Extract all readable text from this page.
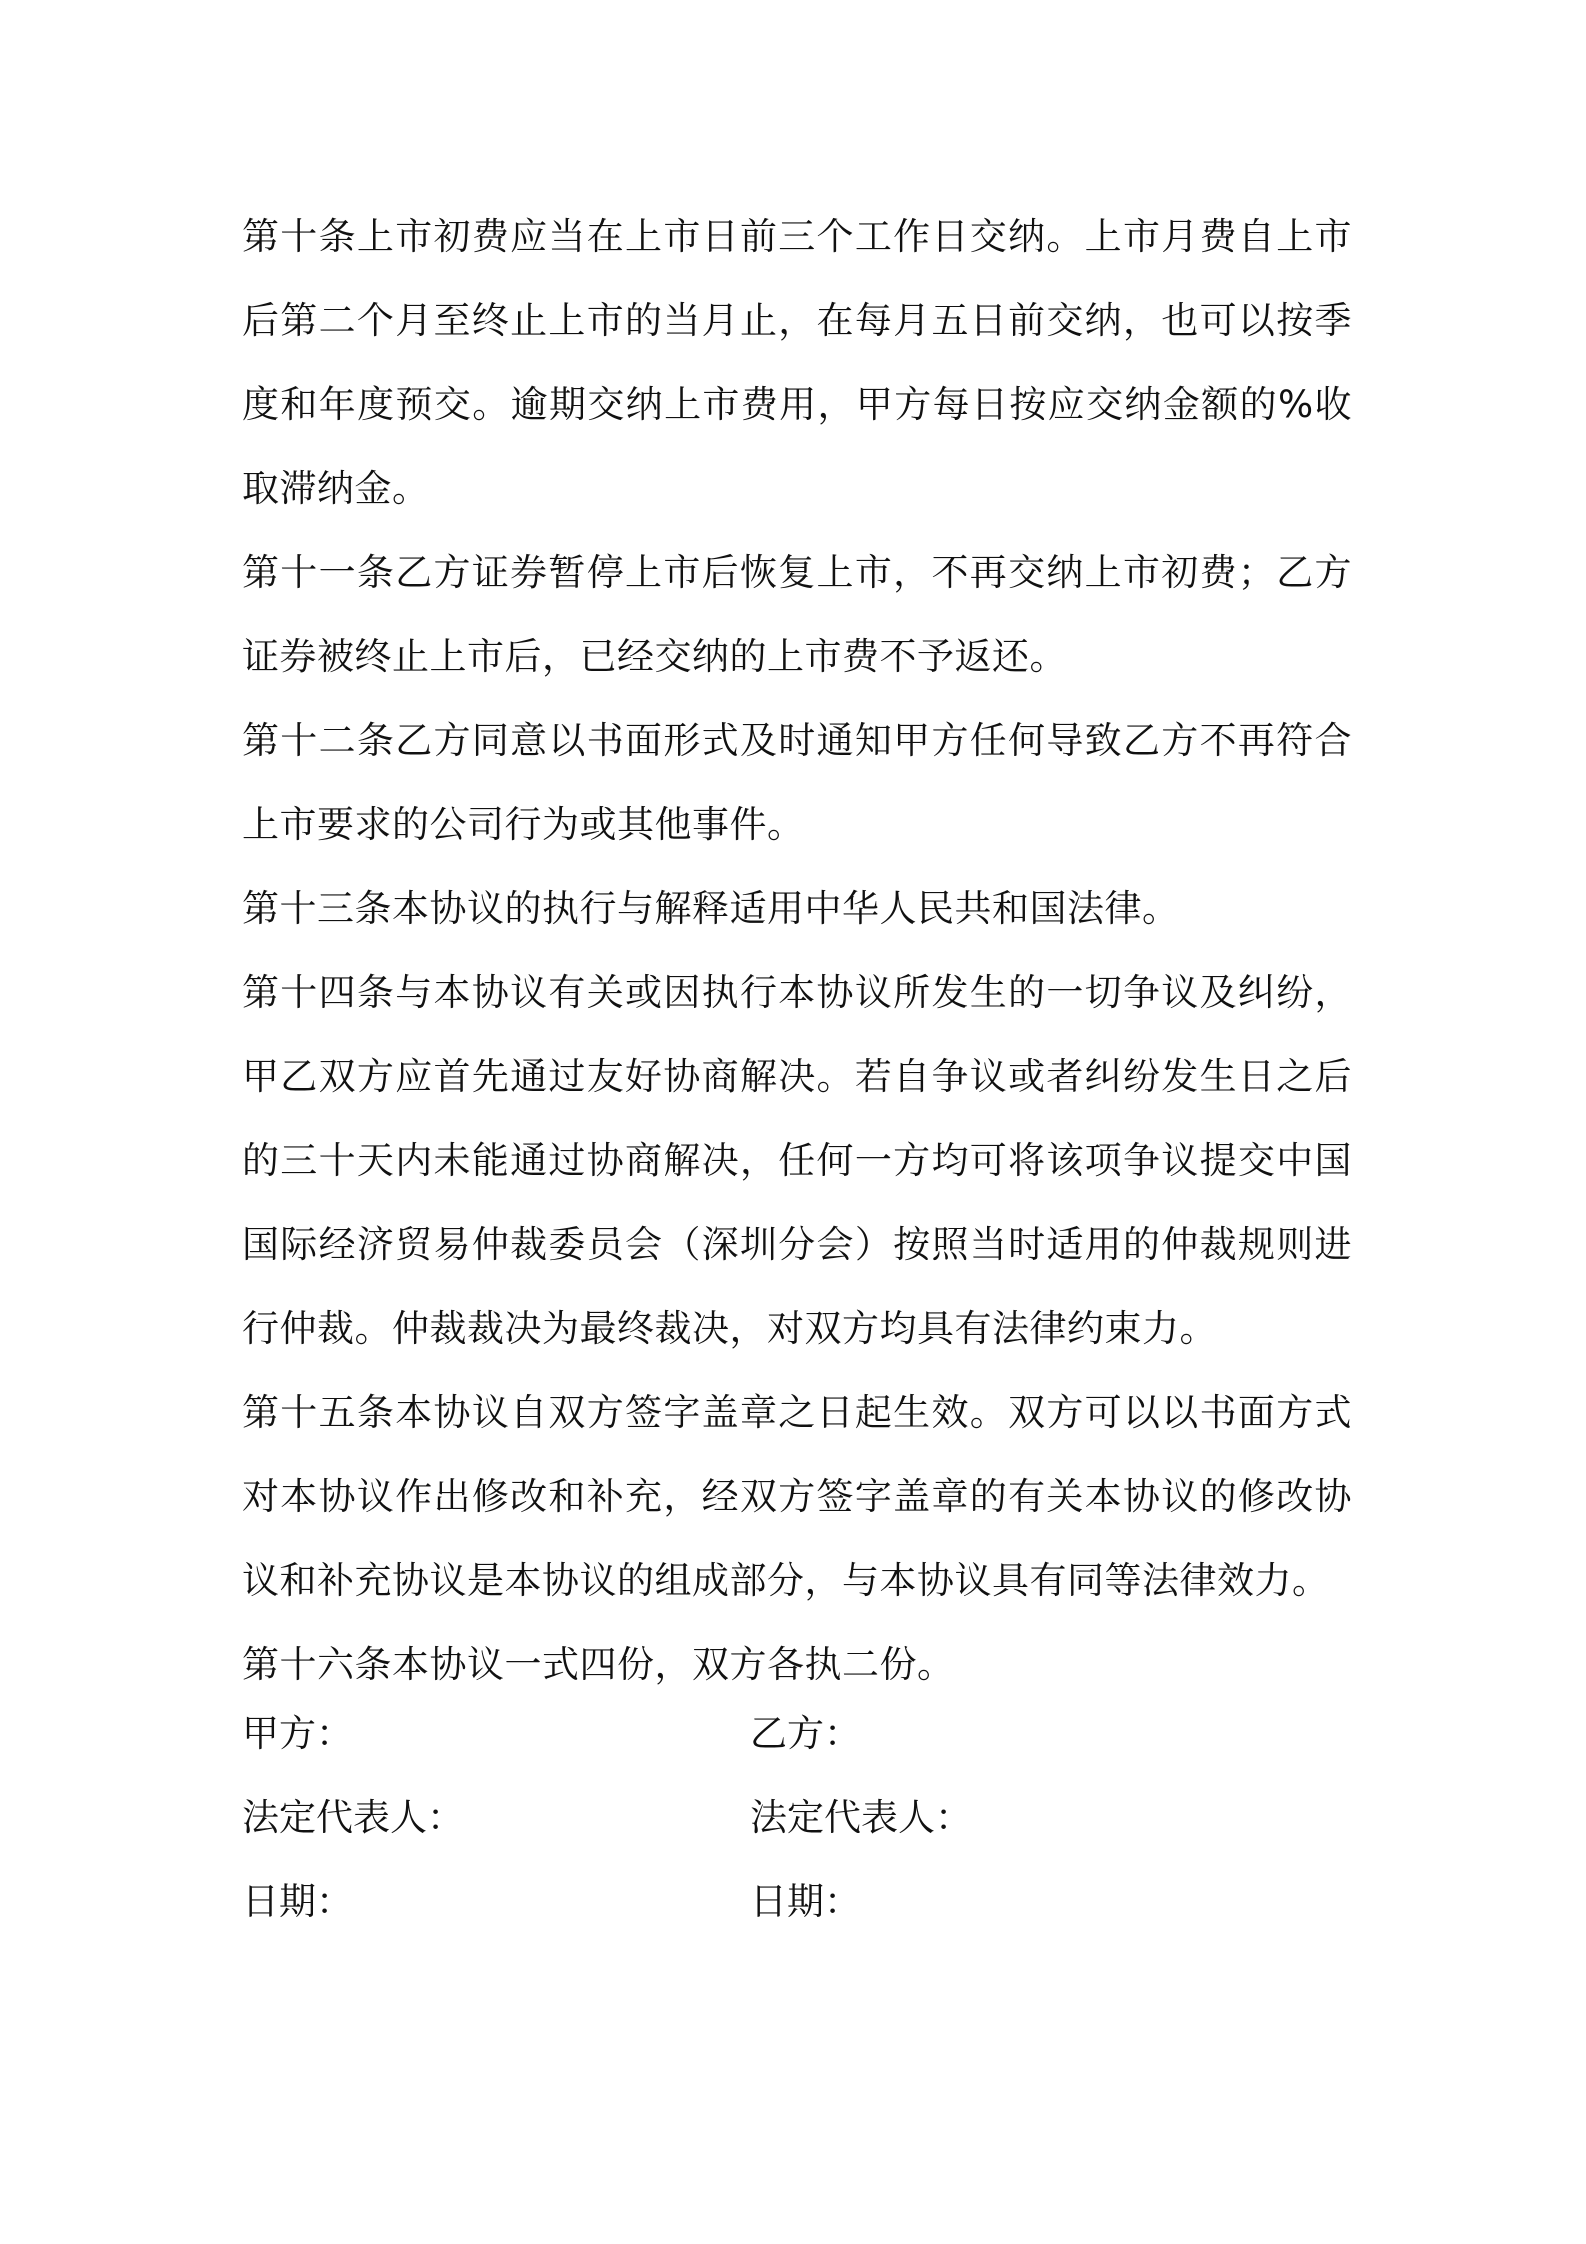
第十条上市初费应当在上市日前三个工作日交纳。上市月费自上市后第二个月至终止上市的当月止，在每月五日前交纳，也可以按季度和年度预交。逾期交纳上市费用，甲方每日按应交纳金额的%收取滞纳金。

第十一条乙方证券暂停上市后恢复上市，不再交纳上市初费；乙方证券被终止上市后，已经交纳的上市费不予返还。

第十二条乙方同意以书面形式及时通知甲方任何导致乙方不再符合上市要求的公司行为或其他事件。

第十三条本协议的执行与解释适用中华人民共和国法律。

第十四条与本协议有关或因执行本协议所发生的一切争议及纠纷，甲乙双方应首先通过友好协商解决。若自争议或者纠纷发生日之后的三十天内未能通过协商解决，任何一方均可将该项争议提交中国国际经济贸易仲裁委员会（深圳分会）按照当时适用的仲裁规则进行仲裁。仲裁裁决为最终裁决，对双方均具有法律约束力。

第十五条本协议自双方签字盖章之日起生效。双方可以以书面方式对本协议作出修改和补充，经双方签字盖章的有关本协议的修改协议和补充协议是本协议的组成部分，与本协议具有同等法律效力。

第十六条本协议一式四份，双方各执二份。

甲方：	乙方：
法定代表人：	法定代表人：
日期：	日期：
